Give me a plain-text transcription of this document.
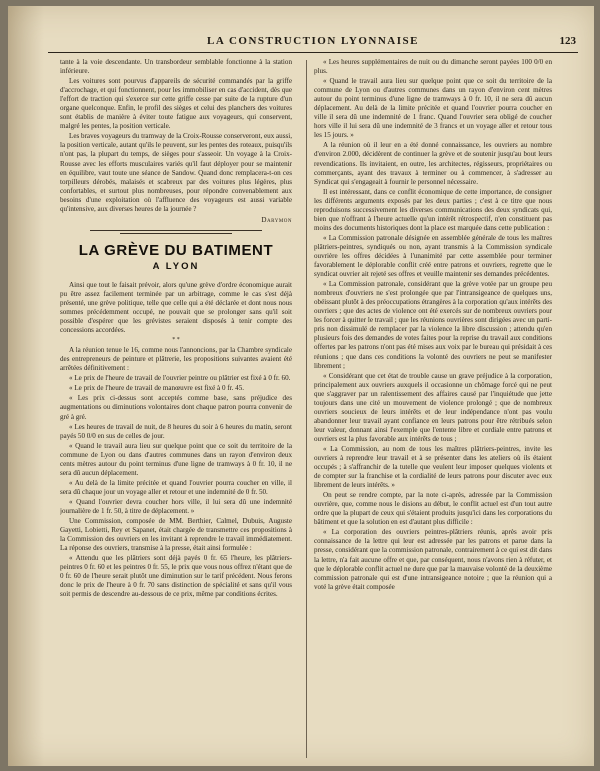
LA CONSTRUCTION LYONNAISE	123

tante à la voie descendante. Un transbordeur semblable fonctionne à la station inférieure.

Les voitures sont pourvus d'appareils de sécurité commandés par la griffe d'accrochage, et qui fonctionnent, pour les immobiliser en cas d'accident, dès que l'effort de traction qui s'exerce sur cette griffe cesse par suite de la rupture d'un organe quelconque. Enfin, le profil des sièges et celui des planchers des voitures sont établis de manière à éviter toute fatigue aux voyageurs, qui conservent, malgré les pentes, la position verticale.

Les braves voyageurs du tramway de la Croix-Rousse conserveront, eux aussi, la position verticale, autant qu'ils le peuvent, sur les pentes des roteaux, puisqu'ils n'ont pas, la plupart du temps, de sièges pour s'asseoir. Un voyage à la Croix-Rousse avec les efforts musculaires variés qu'il faut déployer pour se maintenir en équilibre, vaut toute une séance de Sandow. Quand donc remplacera-t-on ces torpilleurs dérobés, malaisés et scabreux par des voitures plus légères, plus confortables, et surtout plus nombreuses, pour répondre convenablement aux besoins d'une exploitation où l'affluence des voyageurs est aussi variable qu'intensive, aux diverses heures de la journée ?

Darymon
LA GRÈVE DU BATIMENT
A LYON

Ainsi que tout le faisait prévoir, alors qu'une grève d'ordre économique aurait pu être assez facilement terminée par un arbitrage, comme le cas s'est déjà présenté, une grève politique, telle que celle qui a été déclarée et dont nous nous sommes précédemment occupé, ne pouvait que se prolonger sans qu'il soit possible d'espérer que les grévistes seraient disposés à tenir compte des concessions accordées.

* *

A la réunion tenue le 16, comme nous l'annoncions, par la Chambre syndicale des entrepreneurs de peinture et plâtrerie, les propositions suivantes avaient été arrêtées définitivement :

« Le prix de l'heure de travail de l'ouvrier peintre ou plâtrier est fixé à 0 fr. 60.

« Le prix de l'heure de travail de manœuvre est fixé à 0 fr. 45.

« Les prix ci-dessus sont acceptés comme base, sans préjudice des augmentations ou diminutions volontaires dont chaque patron pourra convenir de gré à gré.

« Les heures de travail de nuit, de 8 heures du soir à 6 heures du matin, seront payés 50 0/0 en sus de celles de jour.

« Quand le travail aura lieu sur quelque point que ce soit du territoire de la commune de Lyon ou dans d'autres communes dans un rayon d'environ deux cents mètres autour du point terminus d'une ligne de tramways à 0 fr. 10, il ne sera dû aucun déplacement.

« Au delà de la limite précitée et quand l'ouvrier pourra coucher en ville, il sera dû chaque jour un voyage aller et retour et une indemnité de 0 fr. 50.

« Quand l'ouvrier devra coucher hors ville, il lui sera dû une indemnité journalière de 1 fr. 50, à titre de déplacement. »

Une Commission, composée de MM. Berthier, Calmel, Dubuis, Auguste Gayetti, Lobietti, Rey et Sapanet, était chargée de transmettre ces propositions à la Commission des ouvriers en les invitant à reprendre le travail immédiatement. La réponse des ouvriers, transmise à la presse, était ainsi formulée :

« Attendu que les plâtriers sont déjà payés 0 fr. 65 l'heure, les plâtriers-peintres 0 fr. 60 et les peintres 0 fr. 55, le prix que vous nous offrez n'étant que de 0 fr. 60 de l'heure serait plutôt une diminution sur le tarif précédent. Nous ferons donc le prix de l'heure à 0 fr. 70 sans distinction de spécialité et sans qu'il vous soit permis de descendre au-dessous de ce prix, même par conditions écrites.

« Les heures supplémentaires de nuit ou du dimanche seront payées 100 0/0 en plus.

« Quand le travail aura lieu sur quelque point que ce soit du territoire de la commune de Lyon ou d'autres communes dans un rayon d'environ cent mètres autour du point terminus d'une ligne de tramways à 0 fr. 10, il ne sera dû aucun déplacement. Au delà de la limite précitée et quand l'ouvrier pourra coucher en ville il sera dû une indemnité de 1 franc. Quand l'ouvrier sera obligé de coucher hors ville il lui sera dû une indemnité de 3 francs et un voyage aller et retour tous les 15 jours. »

A la réunion où il leur en a été donné connaissance, les ouvriers au nombre d'environ 2.000, décidèrent de continuer la grève et de soutenir jusqu'au bout leurs revendications. Ils invitaient, en outre, les architectes, régisseurs, propriétaires ou commerçants, ayant des travaux à terminer ou à commencer, à s'adresser au Syndicat qui s'engageait à fournir le personnel nécessaire.

Il est intéressant, dans ce conflit économique de cette importance, de consigner les différents arguments exposés par les deux parties ; c'est à ce titre que nous reproduisons successivement les diverses communications des deux syndicats qui, bien que n'offrant à l'heure actuelle qu'un intérêt rétrospectif, n'en constituent pas moins des documents historiques dont la place est marquée dans cette publication :

« La Commission patronale désignée en assemblée générale de tous les maîtres plâtriers-peintres, syndiqués ou non, ayant transmis à la Commission syndicale ouvrière les offres décidées à l'unanimité par cette assemblée pour terminer favorablement le déplorable conflit créé entre patrons et ouvriers, regrette que le syndicat ouvrier ait rejeté ses offres et veuille maintenir ses demandes précédentes.

« La Commission patronale, considérant que la grève votée par un groupe peu nombreux d'ouvriers ne s'est prolongée que par l'intransigeance de quelques uns, obéissant plutôt à des préoccupations étrangères à la corporation qu'aux intérêts des ouvriers ; que des actes de violence ont été exercés sur de nombreux ouvriers pour les forcer à quitter le travail ; que les réunions ouvrières sont dirigées avec un parti-pris non dissimulé de remplacer par la violence la libre discussion ; attendu qu'en plusieurs fois des demandes de votes faites pour la reprise du travail aux conditions offertes par les patrons n'ont pas été mises aux voix par le bureau qui présidait à ces réunions ; que dans ces conditions la volonté des ouvriers ne peut se manifester librement ;

« Considérant que cet état de trouble cause un grave préjudice à la corporation, principalement aux ouvriers auxquels il occasionne un chômage forcé qui ne peut que s'aggraver par un ralentissement des affaires causé par l'inquiétude que jette toujours dans une cité un mouvement de violence prolongé ; que de nombreux ouvriers soucieux de leurs intérêts et de leur indépendance n'ont pas voulu abandonner leur travail ayant confiance en leurs patrons pour être rétribués selon leur valeur, donnant ainsi l'exemple que l'entente libre et cordiale entre patrons et ouvriers est la plus favorable aux intérêts de tous ;

« La Commission, au nom de tous les maîtres plâtriers-peintres, invite les ouvriers à reprendre leur travail et à se présenter dans les ateliers où ils étaient occupés ; à s'affranchir de la tutelle que veulent leur imposer quelques violents et de compter sur la franchise et la cordialité de leurs patrons pour discuter avec eux librement de leurs intérêts. »

On peut se rendre compte, par la note ci-après, adressée par la Commission ouvrière, que, comme nous le disions au début, le conflit actuel est d'un tout autre ordre que la plupart de ceux qui s'étaient produits jusqu'ici dans les corporations du bâtiment et que la solution en est d'autant plus difficile :

« La corporation des ouvriers peintres-plâtriers réunis, après avoir pris connaissance de la lettre qui leur est adressée par les patrons et parue dans la presse, considérant que la commission patronale, contrairement à ce qui est dit dans la lettre, n'a fait aucune offre et que, par conséquent, nous n'avons rien à réfuter, et que le déplorable conflit actuel ne dure que par la mauvaise volonté de la deuxième commission patronale qui est d'une intransigeance notoire ; que la réunion qui a voté la grève était composée
